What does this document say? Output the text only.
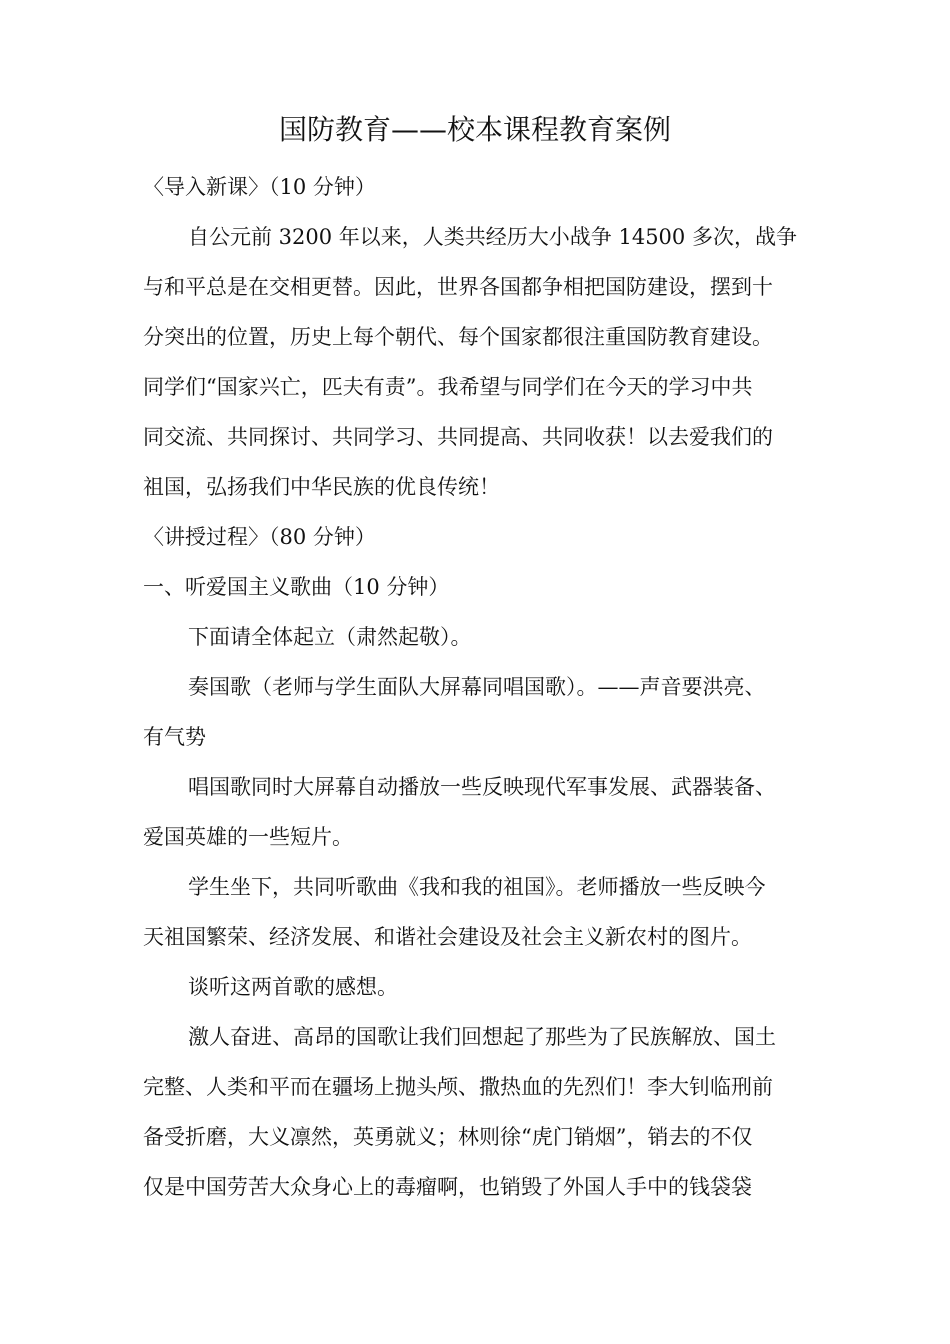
国防教育——校本课程教育案例
〈导入新课〉（10 分钟）
自公元前 3200 年以来，人类共经历大小战争 14500 多次，战争
与和平总是在交相更替。因此，世界各国都争相把国防建设，摆到十
分突出的位置，历史上每个朝代、每个国家都很注重国防教育建设。
同学们“国家兴亡，匹夫有责”。我希望与同学们在今天的学习中共
同交流、共同探讨、共同学习、共同提高、共同收获！以去爱我们的
祖国，弘扬我们中华民族的优良传统！
〈讲授过程〉（80 分钟）
一、听爱国主义歌曲（10 分钟）
下面请全体起立（肃然起敬）。
奏国歌（老师与学生面队大屏幕同唱国歌）。——声音要洪亮、
有气势
唱国歌同时大屏幕自动播放一些反映现代军事发展、武器装备、
爱国英雄的一些短片。
学生坐下，共同听歌曲《我和我的祖国》。老师播放一些反映今
天祖国繁荣、经济发展、和谐社会建设及社会主义新农村的图片。
谈听这两首歌的感想。
激人奋进、高昂的国歌让我们回想起了那些为了民族解放、国土
完整、人类和平而在疆场上抛头颅、撒热血的先烈们！李大钊临刑前
备受折磨，大义凛然，英勇就义；林则徐“虎门销烟”，销去的不仅
仅是中国劳苦大众身心上的毒瘤啊，也销毁了外国人手中的钱袋袋
